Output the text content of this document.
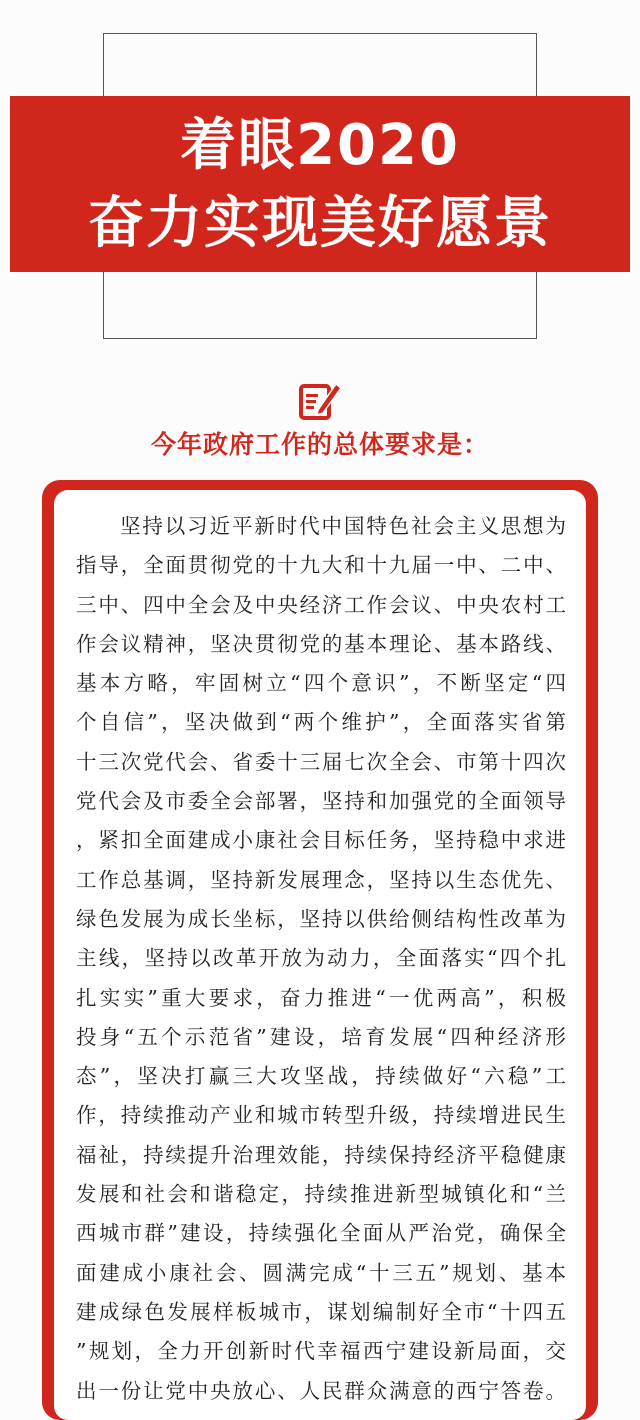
着眼2020
奋力实现美好愿景
今年政府工作的总体要求是：
坚持以习近平新时代中国特色社会主义思想为
指导，全面贯彻党的十九大和十九届一中、二中、
三中、四中全会及中央经济工作会议、中央农村工
作会议精神，坚决贯彻党的基本理论、基本路线、
基本方略，牢固树立“四个意识”，不断坚定“四
个自信”，坚决做到“两个维护”，全面落实省第
十三次党代会、省委十三届七次全会、市第十四次
党代会及市委全会部署，坚持和加强党的全面领导
，紧扣全面建成小康社会目标任务，坚持稳中求进
工作总基调，坚持新发展理念，坚持以生态优先、
绿色发展为成长坐标，坚持以供给侧结构性改革为
主线，坚持以改革开放为动力，全面落实“四个扎
扎实实”重大要求，奋力推进“一优两高”，积极
投身“五个示范省”建设，培育发展“四种经济形
态”，坚决打赢三大攻坚战，持续做好“六稳”工
作，持续推动产业和城市转型升级，持续增进民生
福祉，持续提升治理效能，持续保持经济平稳健康
发展和社会和谐稳定，持续推进新型城镇化和“兰
西城市群”建设，持续强化全面从严治党，确保全
面建成小康社会、圆满完成“十三五”规划、基本
建成绿色发展样板城市，谋划编制好全市“十四五
”规划，全力开创新时代幸福西宁建设新局面，交
出一份让党中央放心、人民群众满意的西宁答卷。
